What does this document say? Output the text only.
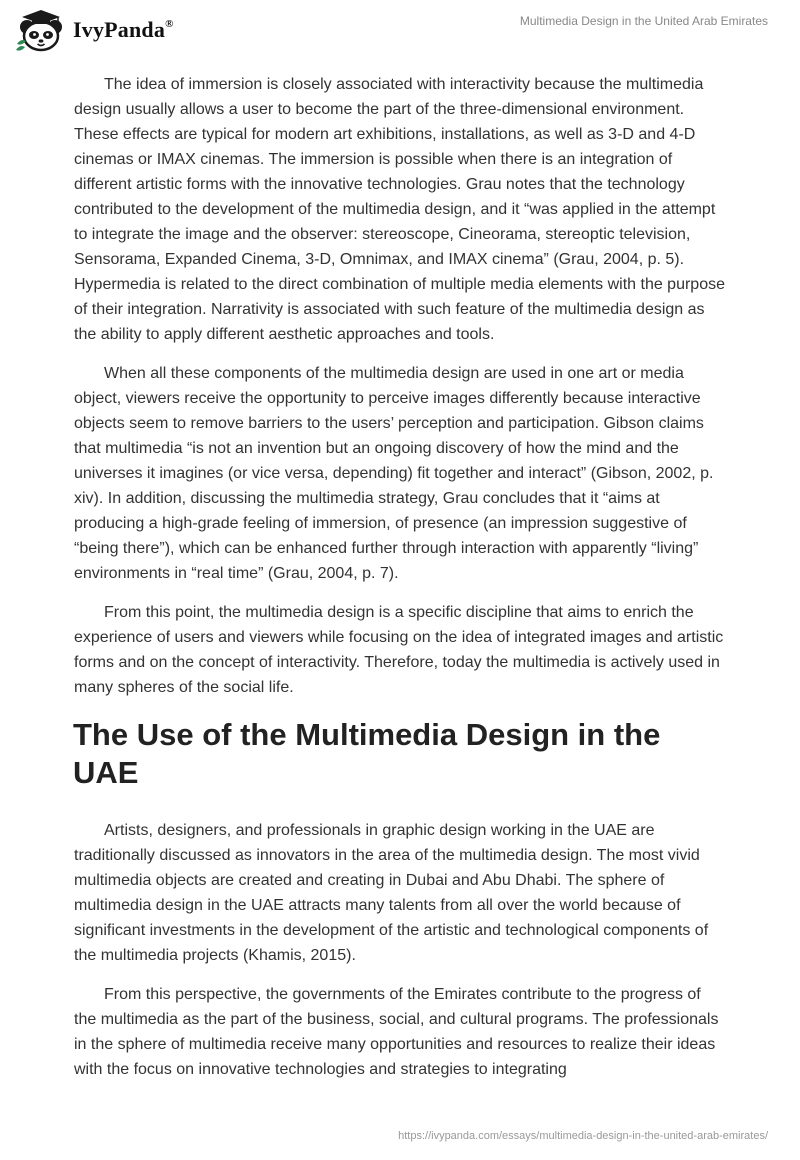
IvyPanda®	Multimedia Design in the United Arab Emirates

The idea of immersion is closely associated with interactivity because the multimedia design usually allows a user to become the part of the three-dimensional environment. These effects are typical for modern art exhibitions, installations, as well as 3-D and 4-D cinemas or IMAX cinemas. The immersion is possible when there is an integration of different artistic forms with the innovative technologies. Grau notes that the technology contributed to the development of the multimedia design, and it “was applied in the attempt to integrate the image and the observer: stereoscope, Cineorama, stereoptic television, Sensorama, Expanded Cinema, 3-D, Omnimax, and IMAX cinema” (Grau, 2004, p. 5). Hypermedia is related to the direct combination of multiple media elements with the purpose of their integration. Narrativity is associated with such feature of the multimedia design as the ability to apply different aesthetic approaches and tools.

When all these components of the multimedia design are used in one art or media object, viewers receive the opportunity to perceive images differently because interactive objects seem to remove barriers to the users’ perception and participation. Gibson claims that multimedia “is not an invention but an ongoing discovery of how the mind and the universes it imagines (or vice versa, depending) fit together and interact” (Gibson, 2002, p. xiv). In addition, discussing the multimedia strategy, Grau concludes that it “aims at producing a high-grade feeling of immersion, of presence (an impression suggestive of “being there”), which can be enhanced further through interaction with apparently “living” environments in “real time” (Grau, 2004, p. 7).

From this point, the multimedia design is a specific discipline that aims to enrich the experience of users and viewers while focusing on the idea of integrated images and artistic forms and on the concept of interactivity. Therefore, today the multimedia is actively used in many spheres of the social life.

The Use of the Multimedia Design in the UAE

Artists, designers, and professionals in graphic design working in the UAE are traditionally discussed as innovators in the area of the multimedia design. The most vivid multimedia objects are created and creating in Dubai and Abu Dhabi. The sphere of multimedia design in the UAE attracts many talents from all over the world because of significant investments in the development of the artistic and technological components of the multimedia projects (Khamis, 2015).

From this perspective, the governments of the Emirates contribute to the progress of the multimedia as the part of the business, social, and cultural programs. The professionals in the sphere of multimedia receive many opportunities and resources to realize their ideas with the focus on innovative technologies and strategies to integrating

https://ivypanda.com/essays/multimedia-design-in-the-united-arab-emirates/
